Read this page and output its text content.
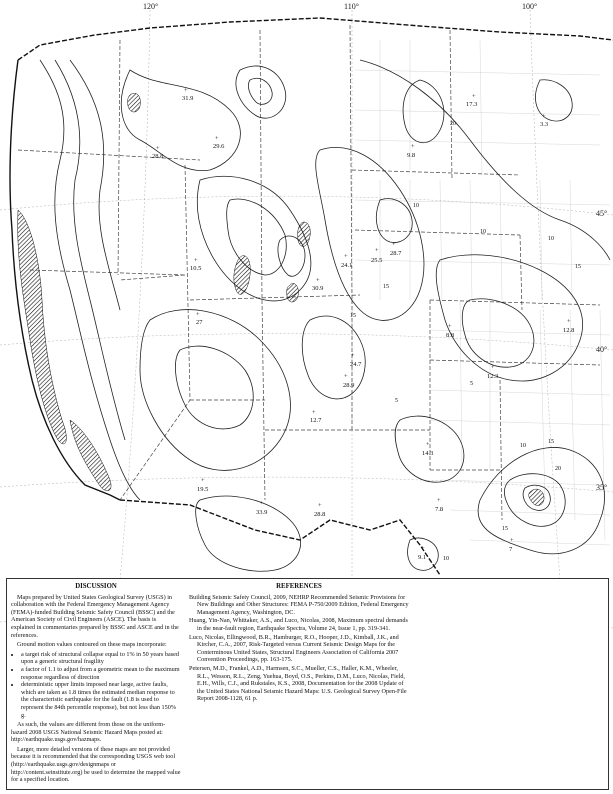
120°	110°	100°
45°
40°
35°
+
31.9
+
29.6
+
28.8
+
9.8
+
17.3
+
3.3
+
10.5
+
24.1
+
25.5
+
28.7
+
30.9
+
27	+
12.8
+
8.8
+
24.7
+
28.9
+
12.7
+
12.3
+
14.3
+
7.8
+
7
+
19.5
+
33.9
+
28.8
+
9.1
10
10
15
20
10
15
15
5
15
10
20
15
10
5
DISCUSSION

Maps prepared by United States Geological Survey (USGS) in collaboration with the Federal Emergency Management Agency (FEMA)-funded Building Seismic Safety Council (BSSC) and the American Society of Civil Engineers (ASCE). The basis is explained in commentaries prepared by BSSC and ASCE and in the references.

Ground motion values contoured on these maps incorporate:

• a target risk of structural collapse equal to 1% in 50 years based upon a generic structural fragility
• a factor of 1.1 to adjust from a geometric mean to the maximum response regardless of direction
• deterministic upper limits imposed near large, active faults, which are taken as 1.8 times the estimated median response to the characteristic earthquake for the fault (1.8 is used to represent the 84th percentile response), but not less than 150% g.

As such, the values are different from those on the uniform-hazard 2008 USGS National Seismic Hazard Maps posted at: http://earthquake.usgs.gov/hazmaps.

Larger, more detailed versions of these maps are not provided because it is recommended that the corresponding USGS web tool (http://earthquake.usgs.gov/designmaps or http://content.seinstitute.org) be used to determine the mapped value for a specified location.

REFERENCES

Building Seismic Safety Council, 2009, NEHRP Recommended Seismic Provisions for New Buildings and Other Structures: FEMA P-750/2009 Edition, Federal Emergency Management Agency, Washington, DC.

Huang, Yin-Nan, Whittaker, A.S., and Luco, Nicolas, 2008, Maximum spectral demands in the near-fault region, Earthquake Spectra, Volume 24, Issue 1, pp. 319-341.

Luco, Nicolas, Ellingwood, B.R., Hamburger, R.O., Hooper, J.D., Kimball, J.K., and Kircher, C.A., 2007, Risk-Targeted versus Current Seismic Design Maps for the Conterminous United States, Structural Engineers Association of California 2007 Convention Proceedings, pp. 163-175.

Petersen, M.D., Frankel, A.D., Harmsen, S.C., Mueller, C.S., Haller, K.M., Wheeler, R.L., Wesson, R.L., Zeng, Yuehua, Boyd, O.S., Perkins, D.M., Luco, Nicolas, Field, E.H., Wills, C.J., and Rukstales, K.S., 2008, Documentation for the 2008 Update of the United States National Seismic Hazard Maps: U.S. Geological Survey Open-File Report 2008-1128, 61 p.
